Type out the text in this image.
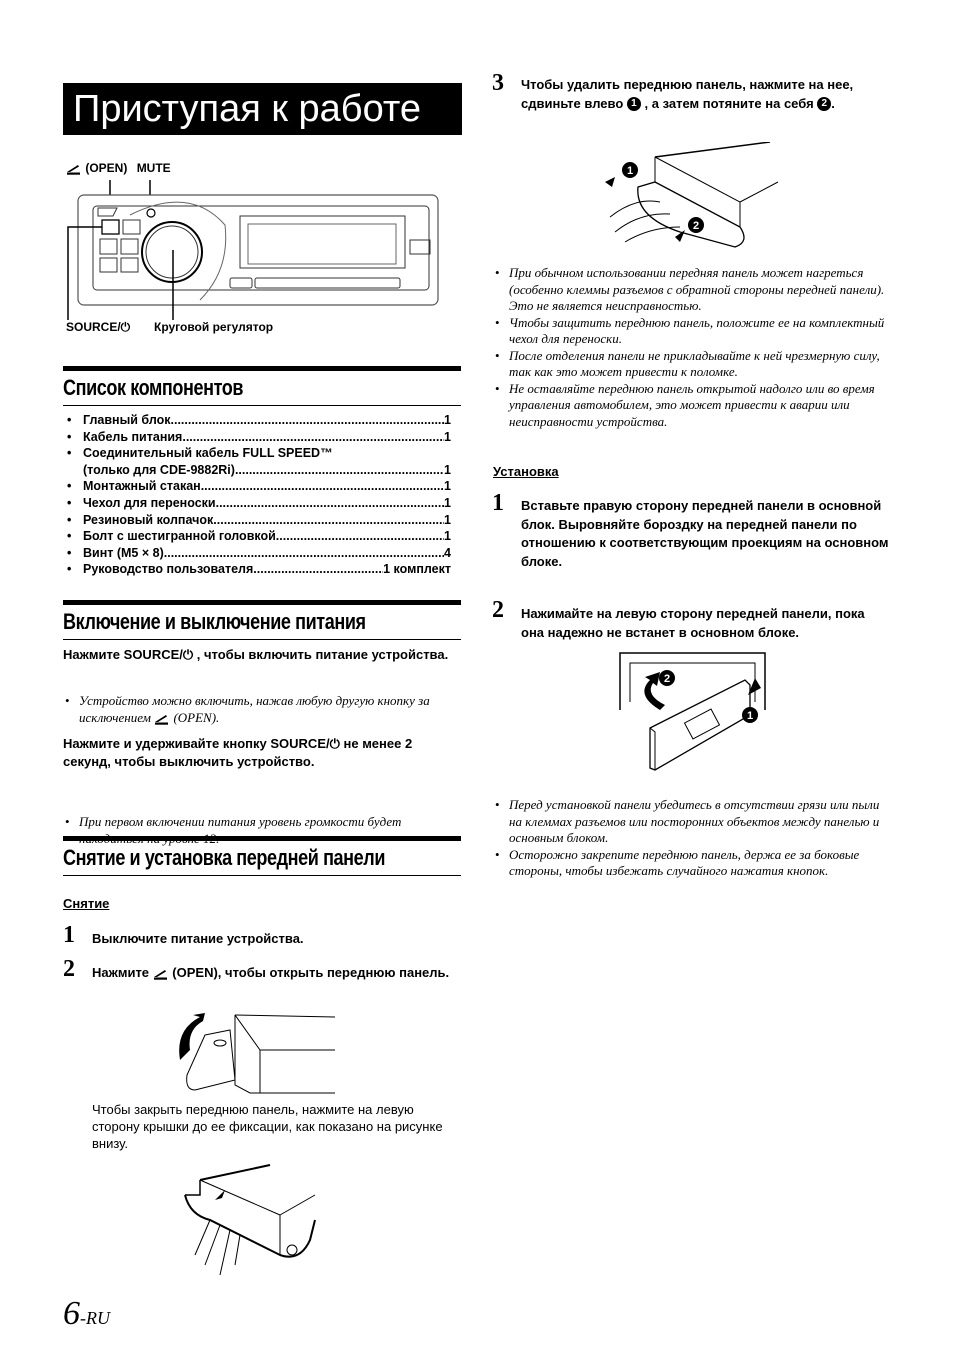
Приступая к работе
(OPEN) MUTE
SOURCE/⏻ Круговой регулятор
Список компонентов
• Главный блок .....	1
• Кабель питания .....	1
• Соединительный кабель FULL SPEED™
(только для CDE-9882Ri) .....	1
• Монтажный стакан .....	1
• Чехол для переноски .....	1
• Резиновый колпачок .....	1
• Болт с шестигранной головкой .....	1
• Винт (M5 × 8) .....	4
• Руководство пользователя .....	1 комплект
Включение и выключение питания
Нажмите SOURCE/⏻ , чтобы включить питание устройства.
• Устройство можно включить, нажав любую другую кнопку за исключением (OPEN).
Нажмите и удерживайте кнопку SOURCE/⏻ не менее 2 секунд, чтобы выключить устройство.
• При первом включении питания уровень громкости будет находиться на уровне 12.
Снятие и установка передней панели
Снятие
1 Выключите питание устройства.
2 Нажмите (OPEN), чтобы открыть переднюю панель.
Чтобы закрыть переднюю панель, нажмите на левую сторону крышки до ее фиксации, как показано на рисунке внизу.
6-RU
3 Чтобы удалить переднюю панель, нажмите на нее, сдвиньте влево 1 , а затем потяните на себя 2 .
1
2
• При обычном использовании передняя панель может нагреться (особенно клеммы разъемов с обратной стороны передней панели). Это не является неисправностью.
• Чтобы защитить переднюю панель, положите ее на комплектный чехол для переноски.
• После отделения панели не прикладывайте к ней чрезмерную силу, так как это может привести к поломке.
• Не оставляйте переднюю панель открытой надолго или во время управления автомобилем, это может привести к аварии или неисправности устройства.
Установка
1 Вставьте правую сторону передней панели в основной блок. Выровняйте бороздку на передней панели по отношению к соответствующим проекциям на основном блоке.
2 Нажимайте на левую сторону передней панели, пока она надежно не встанет в основном блоке.
2
1
• Перед установкой панели убедитесь в отсутствии грязи или пыли на клеммах разъемов или посторонних объектов между панелью и основным блоком.
• Осторожно закрепите переднюю панель, держа ее за боковые стороны, чтобы избежать случайного нажатия кнопок.
